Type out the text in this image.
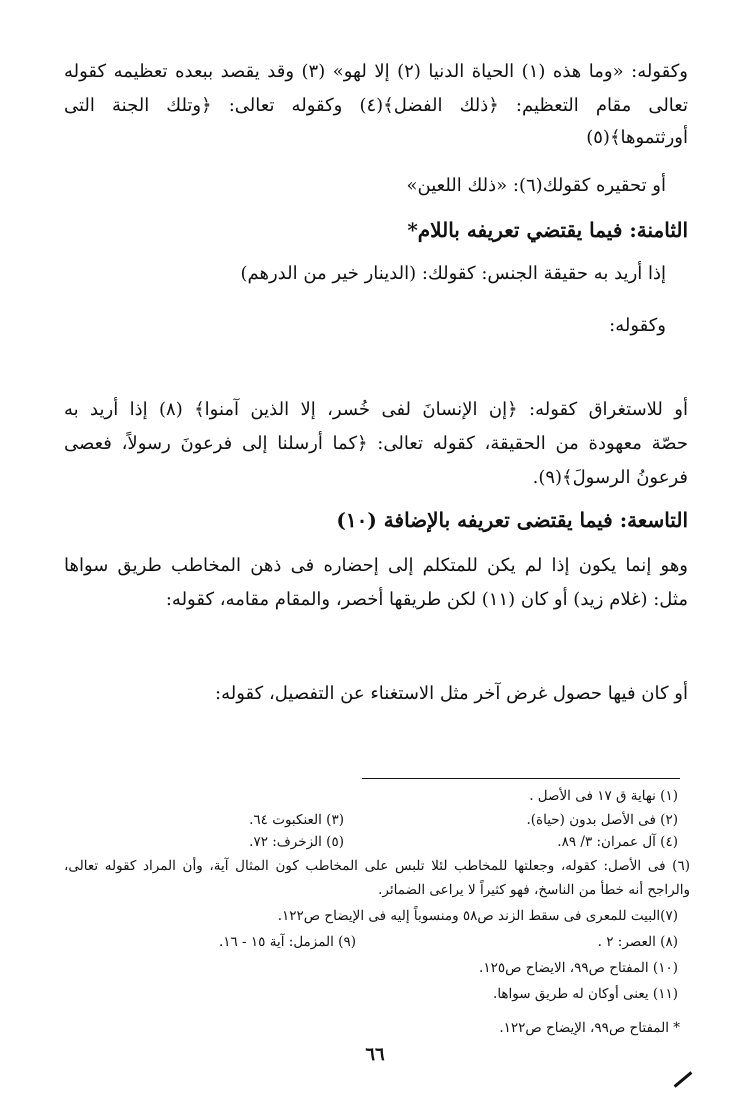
وكقوله: «وما هذه (١) الحياة الدنيا (٢) إلا لهو» (٣) وقد يقصد ببعده تعظيمه كقوله
تعالى مقام التعظيم: ﴿ذلك الفضل﴾(٤) وكقوله تعالى: ﴿وتلك الجنة التى
أورثتموها﴾(٥)
أو تحقيره كقولك(٦): «ذلك اللعين»
الثامنة: فيما يقتضي تعريفه باللام*
إذا أريد به حقيقة الجنس: كقولك: (الدينار خير من الدرهم)
وكقوله:
أو للاستغراق كقوله: ﴿إن الإنسانَ لفى خُسر، إلا الذين آمنوا﴾ (٨) إذا أريد به
حصّة معهودة من الحقيقة، كقوله تعالى: ﴿كما أرسلنا إلى فرعونَ رسولاً، فعصى
فرعونُ الرسولَ﴾(٩).
التاسعة: فيما يقتضى تعريفه بالإضافة (١٠)
وهو إنما يكون إذا لم يكن للمتكلم إلى إحضاره فى ذهن المخاطب طريق سواها
مثل: (غلام زيد) أو كان (١١) لكن طريقها أخصر، والمقام مقامه، كقوله:
أو كان فيها حصول غرض آخر مثل الاستغناء عن التفصيل، كقوله:
(١) نهاية ق ١٧ فى الأصل .
(٢) فى الأصل بدون (حياة).
(٣) العنكبوت ٦٤.
(٤) آل عمران: ٣/ ٨٩.
(٥) الزخرف: ٧٢.
(٦) فى الأصل: كقوله، وجعلتها للمخاطب لئلا تلبس على المخاطب كون المثال آية، وأن المراد كقوله تعالى،
والراجح أنه خطأ من الناسخ، فهو كثيراً لا يراعى الضمائر.
(٧)البيت للمعرى فى سقط الزند ص٥٨ ومنسوباً إليه فى الإيضاح ص١٢٢.
(٨) العصر: ٢ .
(٩) المزمل: آية ١٥ - ١٦.
(١٠) المفتاح ص٩٩، الايضاح ص١٢٥.
(١١) يعنى أوكان له طريق سواها.
* المفتاح ص٩٩، الإيضاح ص١٢٢.
٦٦
